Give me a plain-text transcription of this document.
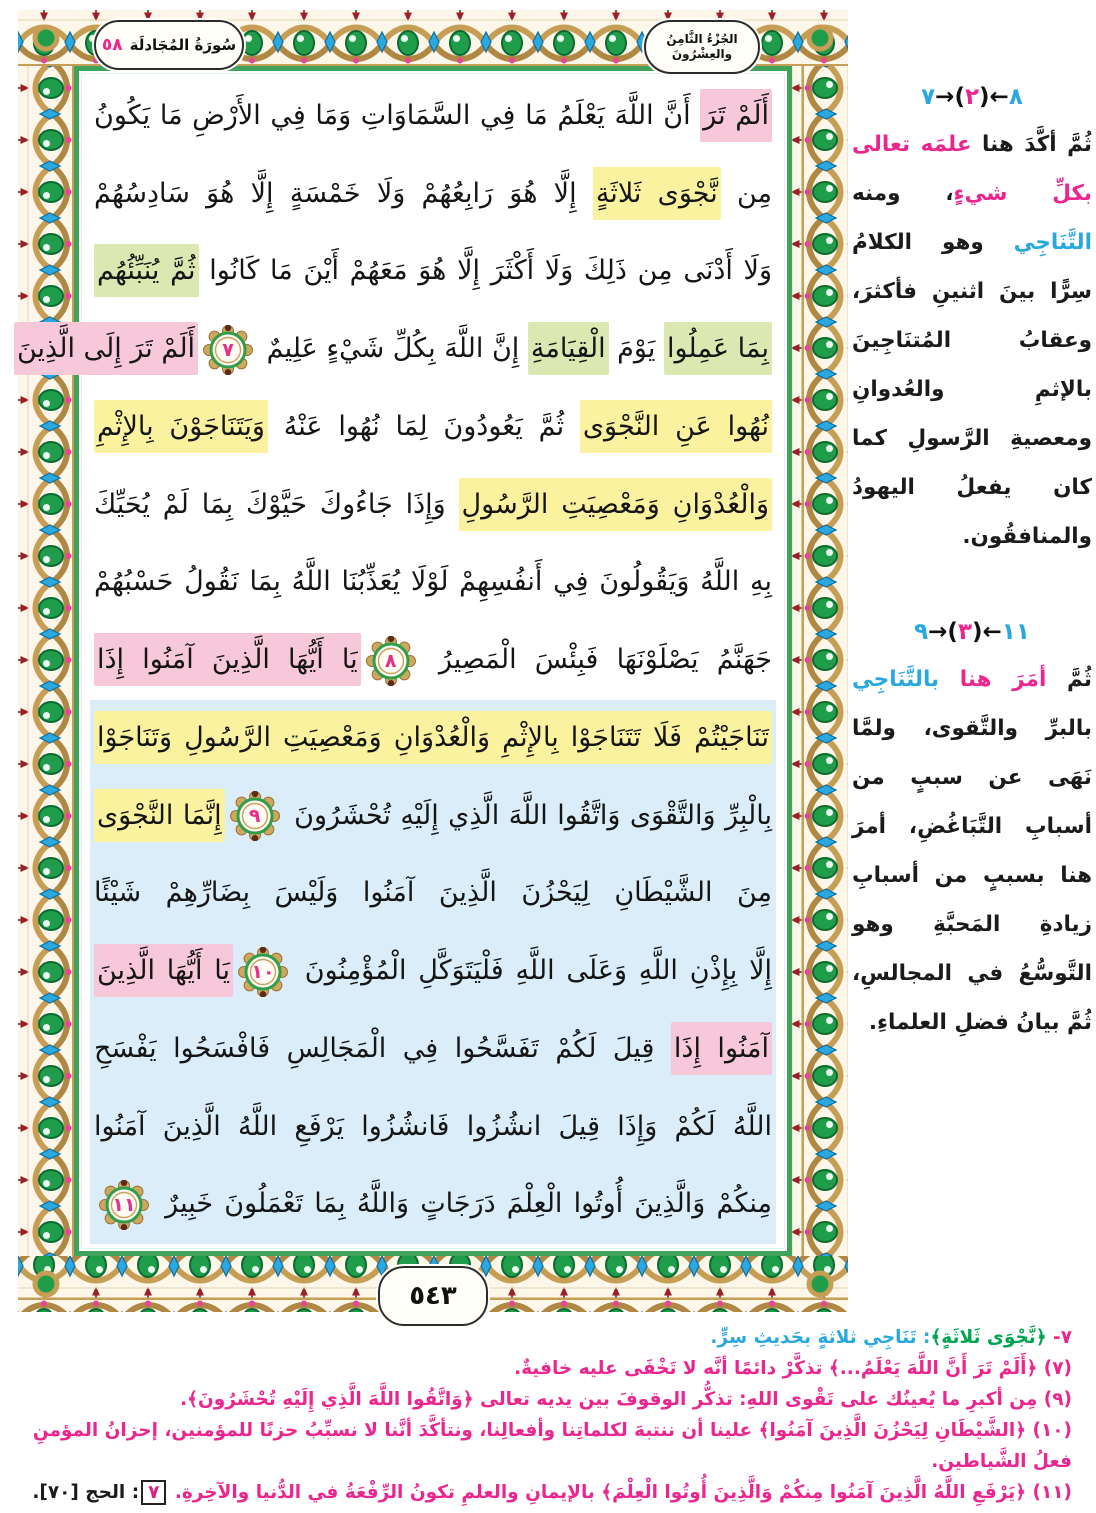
سُورَةُ المُجَادلَة
٥٨	الجُزْءُ الثَّامِنُ والعِشْرُونَ
أَلَمْ تَرَ أَنَّ اللَّهَ يَعْلَمُ مَا فِي السَّمَاوَاتِ وَمَا فِي الأَرْضِ مَا يَكُونُ
مِن نَّجْوَى ثَلاثَةٍ إِلَّا هُوَ رَابِعُهُمْ وَلَا خَمْسَةٍ إِلَّا هُوَ سَادِسُهُمْ
وَلَا أَدْنَى مِن ذَلِكَ وَلَا أَكْثَرَ إِلَّا هُوَ مَعَهُمْ أَيْنَ مَا كَانُوا ثُمَّ يُنَبِّئُهُم
بِمَا عَمِلُوا يَوْمَ الْقِيَامَةِ إِنَّ اللَّهَ بِكُلِّ شَيْءٍ عَلِيمٌ
٧
أَلَمْ تَرَ إِلَى الَّذِينَ
نُهُوا عَنِ النَّجْوَى ثُمَّ يَعُودُونَ لِمَا نُهُوا عَنْهُ وَيَتَنَاجَوْنَ بِالإِثْمِ
وَالْعُدْوَانِ وَمَعْصِيَتِ الرَّسُولِ وَإِذَا جَاءُوكَ حَيَّوْكَ بِمَا لَمْ يُحَيِّكَ
بِهِ اللَّهُ وَيَقُولُونَ فِي أَنفُسِهِمْ لَوْلَا يُعَذِّبُنَا اللَّهُ بِمَا نَقُولُ حَسْبُهُمْ
جَهَنَّمُ يَصْلَوْنَهَا فَبِئْسَ الْمَصِيرُ
٨
يَا أَيُّهَا الَّذِينَ آمَنُوا إِذَا
تَنَاجَيْتُمْ فَلَا تَتَنَاجَوْا بِالإِثْمِ وَالْعُدْوَانِ وَمَعْصِيَتِ الرَّسُولِ وَتَنَاجَوْا
بِالْبِرِّ وَالتَّقْوَى وَاتَّقُوا اللَّهَ الَّذِي إِلَيْهِ تُحْشَرُونَ
٩
إِنَّمَا النَّجْوَى
مِنَ الشَّيْطَانِ لِيَحْزُنَ الَّذِينَ آمَنُوا وَلَيْسَ بِضَارِّهِمْ شَيْئًا
إِلَّا بِإِذْنِ اللَّهِ وَعَلَى اللَّهِ فَلْيَتَوَكَّلِ الْمُؤْمِنُونَ
١٠
يَا أَيُّهَا الَّذِينَ
آمَنُوا إِذَا قِيلَ لَكُمْ تَفَسَّحُوا فِي الْمَجَالِسِ فَافْسَحُوا يَفْسَحِ
اللَّهُ لَكُمْ وَإِذَا قِيلَ انشُزُوا فَانشُزُوا يَرْفَعِ اللَّهُ الَّذِينَ آمَنُوا
مِنكُمْ وَالَّذِينَ أُوتُوا الْعِلْمَ دَرَجَاتٍ وَاللَّهُ بِمَا تَعْمَلُونَ خَبِيرٌ
١١
٥٤٣
٨←(٢)→٧
ثُمَّ أكَّدَ هنا علمَه تعالى بكلِّ شيءٍ، ومنه التَّنَاجِي وهو الكلامُ سِرًّا بينَ اثنينِ فأكثرَ، وعقابُ المُتنَاجِينَ بالإثمِ والعُدوانِ ومعصيةِ الرَّسولِ كما كان يفعلُ اليهودُ والمنافقُون.
١١←(٣)→٩
ثُمَّ أمَرَ هنا بالتَّنَاجِي بالبرِّ والتَّقوى، ولمَّا نَهَى عن سببٍ من أسبابِ التَّبَاغُضِ، أمرَ هنا بسببٍ من أسبابِ زيادةِ المَحبَّةِ وهو التَّوسُّعُ في المجالسِ، ثُمَّ بيانُ فضلِ العلماءِ.
٧- ﴿نَّجْوَى ثَلاثَةٍ﴾: تَنَاجِي ثلاثةٍ بحَديثِ سِرٍّ.
(٧) ﴿أَلَمْ تَرَ أَنَّ اللَّهَ يَعْلَمُ...﴾ تذكَّرْ دائمًا أنَّه لا تَخْفَى عليه خافيةٌ.
(٩) مِن أكبرِ ما يُعينُك على تَقْوى اللهِ: تذكُّر الوقوفَ بين يديه تعالى ﴿وَاتَّقُوا اللَّهَ الَّذِي إِلَيْهِ تُحْشَرُونَ﴾.
(١٠) ﴿الشَّيْطَانِ لِيَحْزُنَ الَّذِينَ آمَنُوا﴾ علينا أن ننتبهَ لكلماتِنا وأفعالِنا، ونتأكَّدَ أنَّنا لا نسبِّبُ حزنًا للمؤمنين، إحزانُ المؤمنِ فعلُ الشَّياطين.
(١١) ﴿يَرْفَعِ اللَّهُ الَّذِينَ آمَنُوا مِنكُمْ وَالَّذِينَ أُوتُوا الْعِلْمَ﴾ بالإيمانِ والعلمِ تكونُ الرِّفْعَةُ في الدُّنيا والآخِرةِ. ٧: الحج [٧٠].
